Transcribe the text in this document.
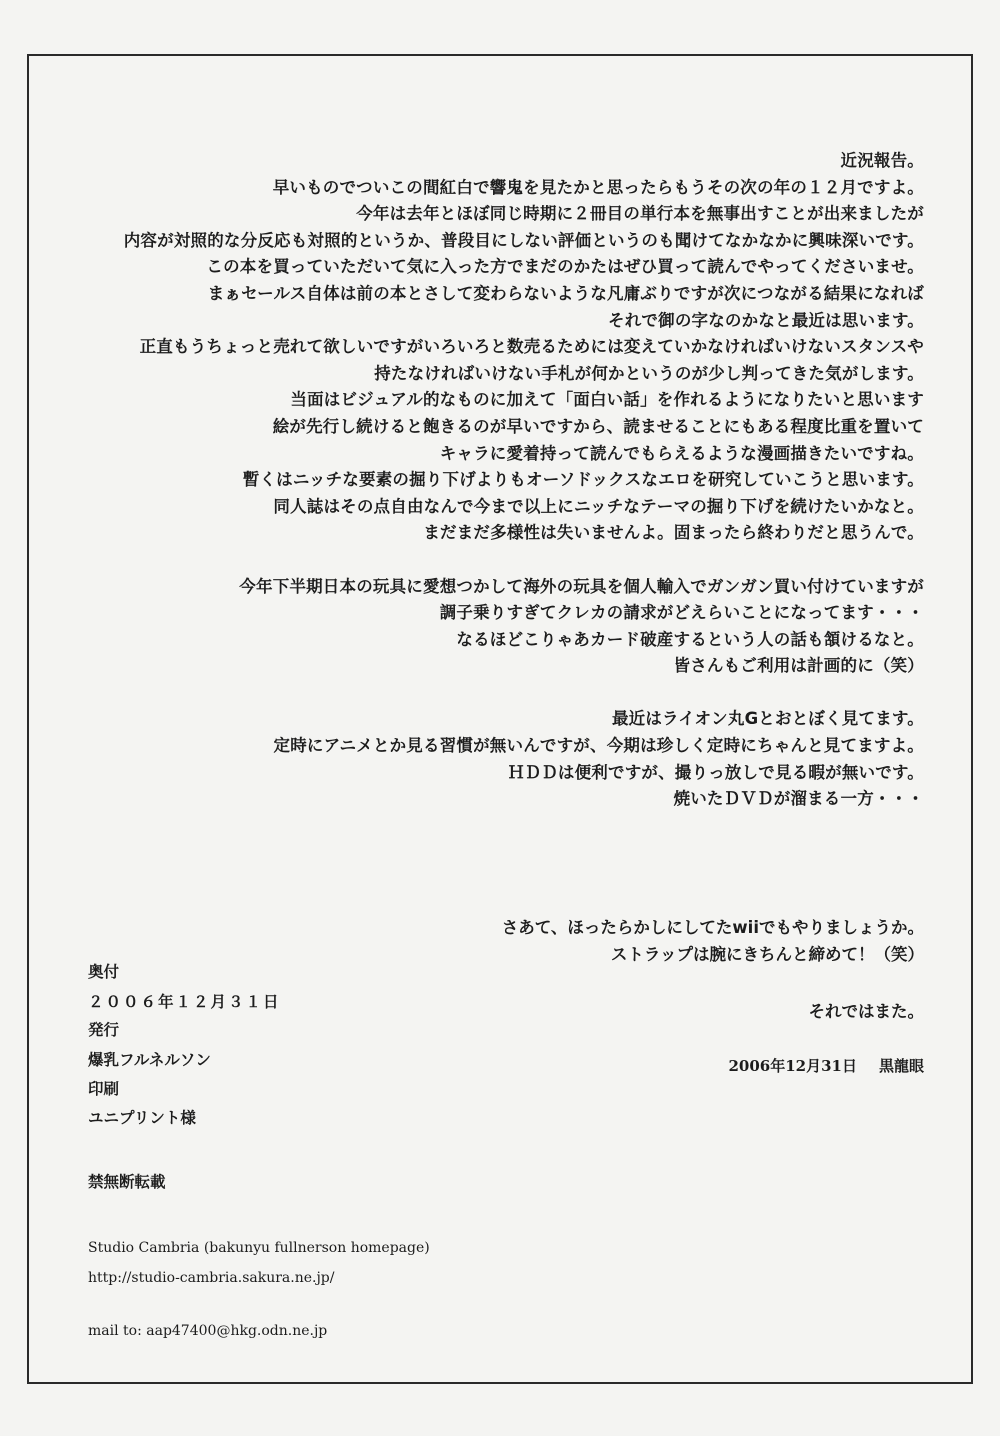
近況報告。
早いものでついこの間紅白で響鬼を見たかと思ったらもうその次の年の１２月ですよ。
今年は去年とほぼ同じ時期に２冊目の単行本を無事出すことが出来ましたが
内容が対照的な分反応も対照的というか、普段目にしない評価というのも聞けてなかなかに興味深いです。
この本を買っていただいて気に入った方でまだのかたはぜひ買って読んでやってくださいませ。
まぁセールス自体は前の本とさして変わらないような凡庸ぶりですが次につながる結果になれば
それで御の字なのかなと最近は思います。
正直もうちょっと売れて欲しいですがいろいろと数売るためには変えていかなければいけないスタンスや
持たなければいけない手札が何かというのが少し判ってきた気がします。
当面はビジュアル的なものに加えて「面白い話」を作れるようになりたいと思います
絵が先行し続けると飽きるのが早いですから、読ませることにもある程度比重を置いて
キャラに愛着持って読んでもらえるような漫画描きたいですね。
暫くはニッチな要素の掘り下げよりもオーソドックスなエロを研究していこうと思います。
同人誌はその点自由なんで今まで以上にニッチなテーマの掘り下げを続けたいかなと。
まだまだ多様性は失いませんよ。固まったら終わりだと思うんで。
今年下半期日本の玩具に愛想つかして海外の玩具を個人輸入でガンガン買い付けていますが
調子乗りすぎてクレカの請求がどえらいことになってます・・・
なるほどこりゃあカード破産するという人の話も頷けるなと。
皆さんもご利用は計画的に（笑）
最近はライオン丸Gとおとぼく見てます。
定時にアニメとか見る習慣が無いんですが、今期は珍しく定時にちゃんと見てますよ。
ＨＤＤは便利ですが、撮りっ放しで見る暇が無いです。
焼いたＤＶＤが溜まる一方・・・
さあて、ほったらかしにしてたwiiでもやりましょうか。
ストラップは腕にきちんと締めて！（笑）
それではまた。
2006年12月31日 黒龍眼
奥付
２００６年１２月３１日
発行
爆乳フルネルソン
印刷
ユニプリント様
禁無断転載
Studio Cambria (bakunyu fullnerson homepage)
http://studio-cambria.sakura.ne.jp/
mail to: aap47400@hkg.odn.ne.jp
